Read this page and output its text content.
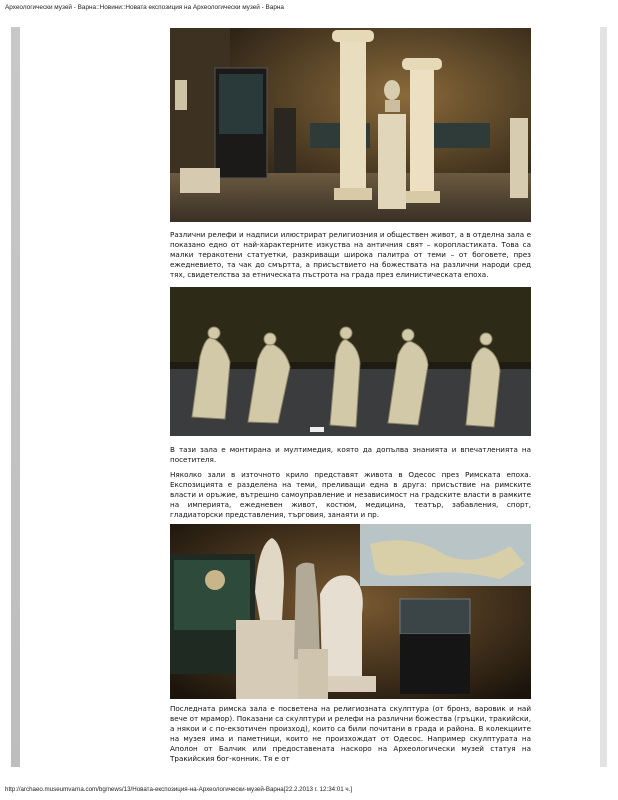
Археологически музей - Варна::Новини::Новата експозиция на Археологически музей - Варна

Различни релефи и надписи илюстрират религиозния и обществен живот, а в отделна зала е показано едно от най-характерните изкуства на античния свят – коропластиката. Това са малки теракотени статуетки, разкриващи широка палитра от теми – от боговете, през ежедневието, та чак до смъртта, а присъствието на божествата на различни народи сред тях, свидетелства за етническата пъстрота на града през елинистическата епоха.

В тази зала е монтирана и мултимедия, която да допълва знанията и впечатленията на посетителя.

Няколко зали в източното крило представят живота в Одесос през Римската епоха. Експозицията е разделена на теми, преливащи една в друга: присъствие на римските власти и оръжие, вътрешно самоуправление и независимост на градските власти в рамките на империята, ежедневен живот, костюм, медицина, театър, забавления, спорт, гладиаторски представления, търговия, занаяти и пр.

Последната римска зала е посветена на религиозната скулптура (от бронз, варовик и най вече от мрамор). Показани са скулптури и релефи на различни божества (гръцки, тракийски, а някои и с по-екзотичен произход), които са били почитани в града и района. В колекциите на музея има и паметници, които не произхождат от Одесос. Например скулптурата на Аполон от Балчик или предоставената наскоро на Археологически музей статуя на Тракийския бог-конник. Тя е от

http://archaeo.museumvarna.com/bg/news/13/Новата-експозиция-на-Археологически-музей-Варна[22.2.2013 г. 12:34:01 ч.]
